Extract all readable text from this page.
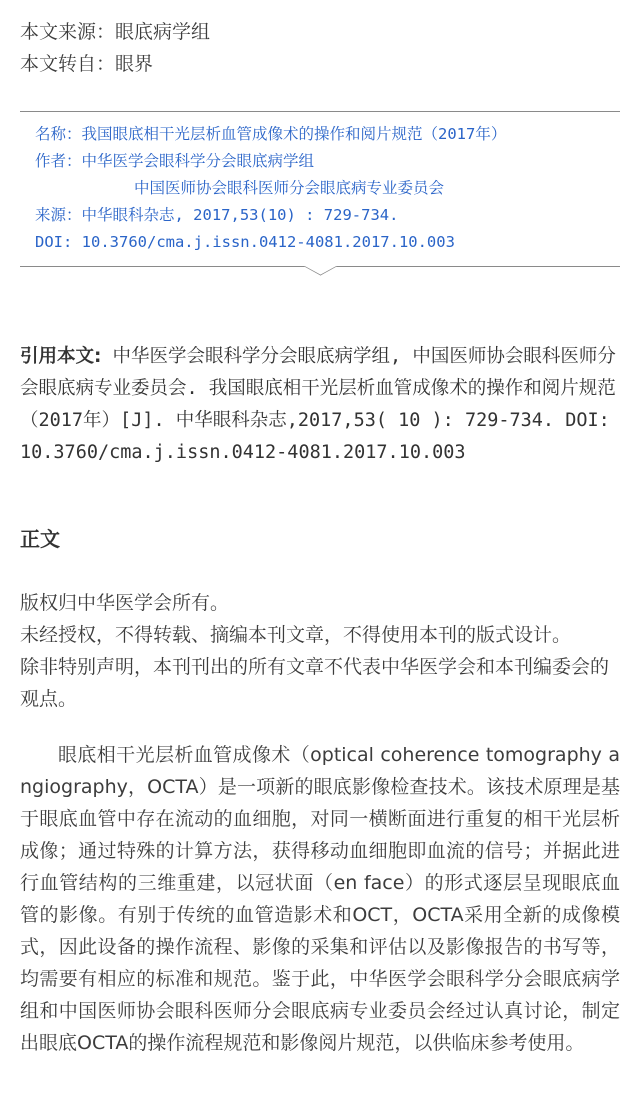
本文来源：眼底病学组
本文转自：眼界
名称：我国眼底相干光层析血管成像术的操作和阅片规范（2017年）
作者：中华医学会眼科学分会眼底病学组
中国医师协会眼科医师分会眼底病专业委员会
来源：中华眼科杂志, 2017,53(10) : 729-734.
DOI: 10.3760/cma.j.issn.0412-4081.2017.10.003
引用本文: 中华医学会眼科学分会眼底病学组, 中国医师协会眼科医师分会眼底病专业委员会. 我国眼底相干光层析血管成像术的操作和阅片规范（2017年）[J]. 中华眼科杂志,2017,53( 10 ): 729-734. DOI: 10.3760/cma.j.issn.0412-4081.2017.10.003
正文
版权归中华医学会所有。
未经授权，不得转载、摘编本刊文章，不得使用本刊的版式设计。
除非特别声明，本刊刊出的所有文章不代表中华医学会和本刊编委会的观点。

眼底相干光层析血管成像术（optical coherence tomography angiography，OCTA）是一项新的眼底影像检查技术。该技术原理是基于眼底血管中存在流动的血细胞，对同一横断面进行重复的相干光层析成像；通过特殊的计算方法，获得移动血细胞即血流的信号；并据此进行血管结构的三维重建，以冠状面（en face）的形式逐层呈现眼底血管的影像。有别于传统的血管造影术和OCT，OCTA采用全新的成像模式，因此设备的操作流程、影像的采集和评估以及影像报告的书写等，均需要有相应的标准和规范。鉴于此，中华医学会眼科学分会眼底病学组和中国医师协会眼科医师分会眼底病专业委员会经过认真讨论，制定出眼底OCTA的操作流程规范和影像阅片规范，以供临床参考使用。
